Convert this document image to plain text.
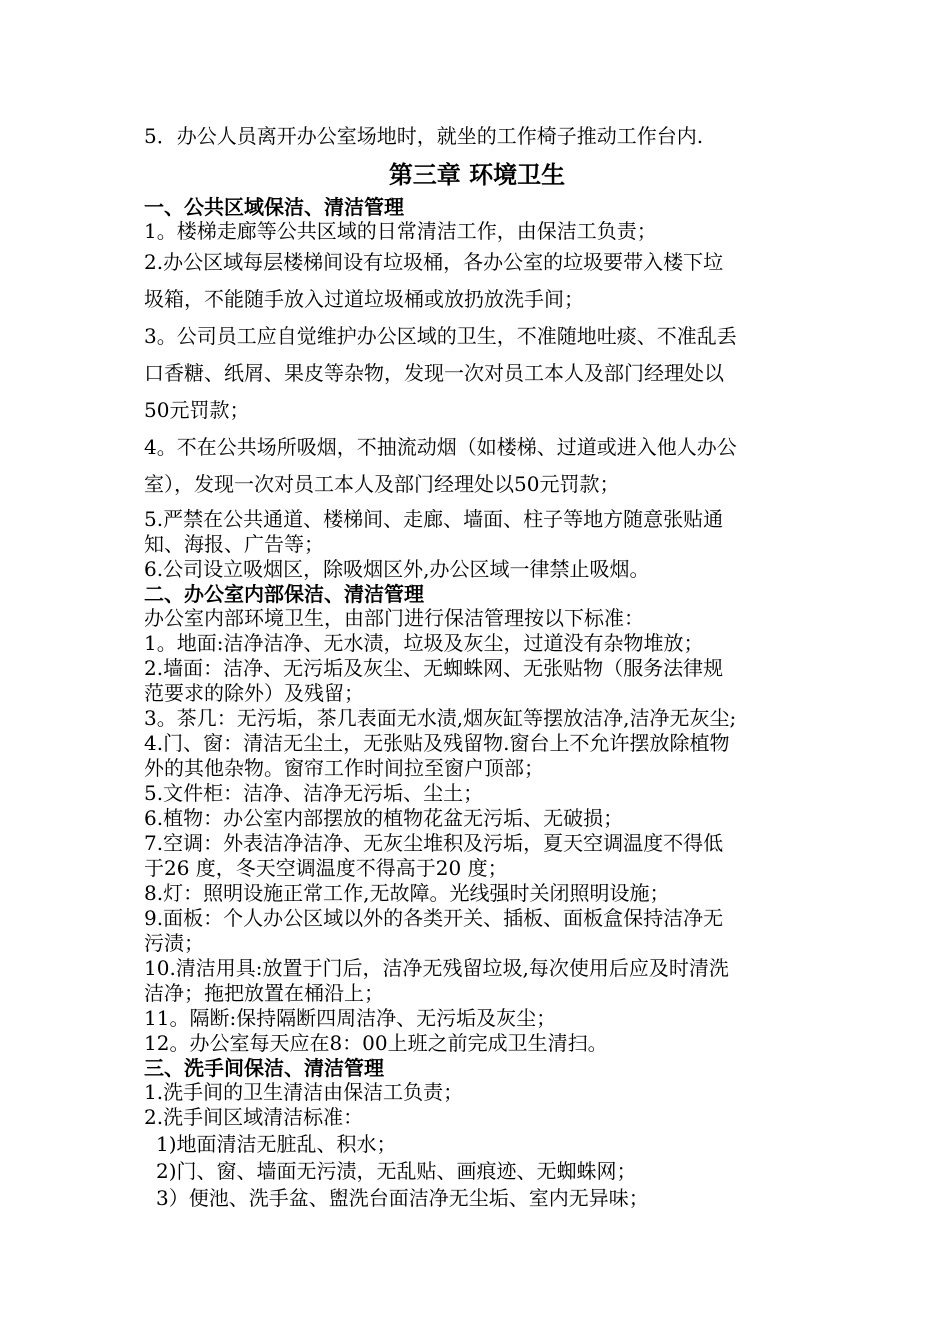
5．办公人员离开办公室场地时，就坐的工作椅子推动工作台内.

第三章 环境卫生
一、公共区域保洁、清洁管理

1。楼梯走廊等公共区域的日常清洁工作，由保洁工负责；

2.办公区域每层楼梯间设有垃圾桶，各办公室的垃圾要带入楼下垃

圾箱，不能随手放入过道垃圾桶或放扔放洗手间；

3。公司员工应自觉维护办公区域的卫生，不准随地吐痰、不准乱丢

口香糖、纸屑、果皮等杂物，发现一次对员工本人及部门经理处以

50元罚款；

4。不在公共场所吸烟，不抽流动烟（如楼梯、过道或进入他人办公

室），发现一次对员工本人及部门经理处以50元罚款；

5.严禁在公共通道、楼梯间、走廊、墙面、柱子等地方随意张贴通

知、海报、广告等；

6.公司设立吸烟区，除吸烟区外,办公区域一律禁止吸烟。

二、办公室内部保洁、清洁管理

办公室内部环境卫生，由部门进行保洁管理按以下标准：

1。地面:洁净洁净、无水渍，垃圾及灰尘，过道没有杂物堆放；

2.墙面：洁净、无污垢及灰尘、无蜘蛛网、无张贴物（服务法律规

范要求的除外）及残留；

3。茶几：无污垢，茶几表面无水渍,烟灰缸等摆放洁净,洁净无灰尘;

4.门、窗：清洁无尘土，无张贴及残留物.窗台上不允许摆放除植物

外的其他杂物。窗帘工作时间拉至窗户顶部；

5.文件柜：洁净、洁净无污垢、尘土；

6.植物：办公室内部摆放的植物花盆无污垢、无破损；

7.空调：外表洁净洁净、无灰尘堆积及污垢，夏天空调温度不得低

于26 度，冬天空调温度不得高于20 度；

8.灯：照明设施正常工作,无故障。光线强时关闭照明设施；

9.面板：个人办公区域以外的各类开关、插板、面板盒保持洁净无

污渍；

10.清洁用具:放置于门后，洁净无残留垃圾,每次使用后应及时清洗

洁净；拖把放置在桶沿上；

11。隔断:保持隔断四周洁净、无污垢及灰尘；

12。办公室每天应在8：00上班之前完成卫生清扫。

三、洗手间保洁、清洁管理

1.洗手间的卫生清洁由保洁工负责；

2.洗手间区域清洁标准：

1)地面清洁无脏乱、积水；

2)门、窗、墙面无污渍，无乱贴、画痕迹、无蜘蛛网；

3）便池、洗手盆、盥洗台面洁净无尘垢、室内无异味；
